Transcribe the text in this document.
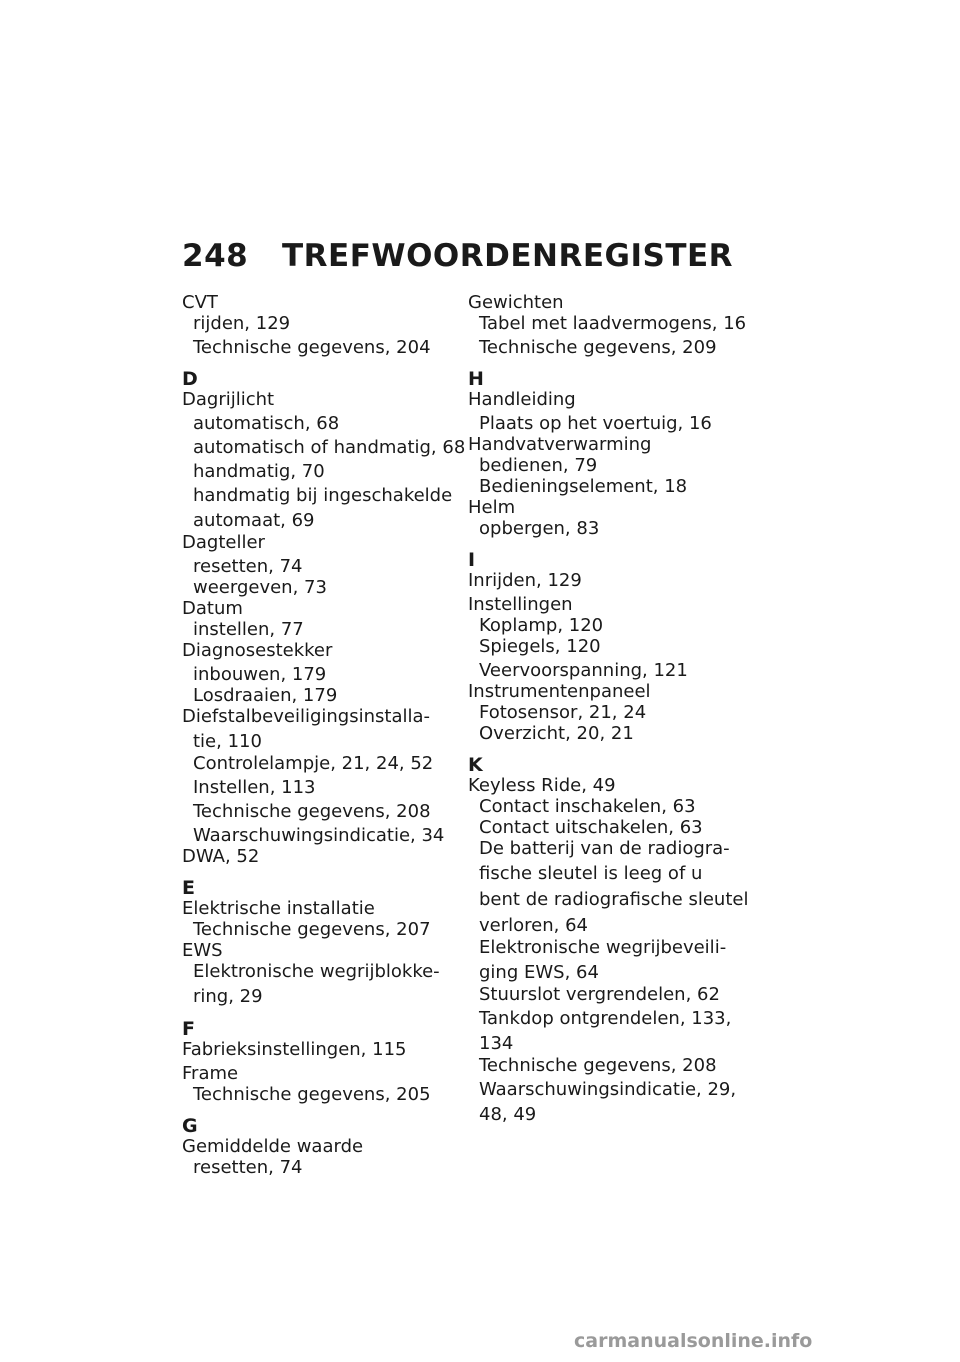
248 TREFWOORDENREGISTER
CVT
rijden, 129
Technische gegevens, 204
D
Dagrijlicht
automatisch, 68
automatisch of handmatig, 68
handmatig, 70
handmatig bij ingeschakelde
automaat, 69
Dagteller
resetten, 74
weergeven, 73
Datum
instellen, 77
Diagnosestekker
inbouwen, 179
Losdraaien, 179
Diefstalbeveiligingsinstalla-
tie, 110
Controlelampje, 21, 24, 52
Instellen, 113
Technische gegevens, 208
Waarschuwingsindicatie, 34
DWA, 52
E
Elektrische installatie
Technische gegevens, 207
EWS
Elektronische wegrijblokke-
ring, 29
F
Fabrieksinstellingen, 115
Frame
Technische gegevens, 205
G
Gemiddelde waarde
resetten, 74
Gewichten
Tabel met laadvermogens, 16
Technische gegevens, 209
H
Handleiding
Plaats op het voertuig, 16
Handvatverwarming
bedienen, 79
Bedieningselement, 18
Helm
opbergen, 83
I
Inrijden, 129
Instellingen
Koplamp, 120
Spiegels, 120
Veervoorspanning, 121
Instrumentenpaneel
Fotosensor, 21, 24
Overzicht, 20, 21
K
Keyless Ride, 49
Contact inschakelen, 63
Contact uitschakelen, 63
De batterij van de radiogra-
fische sleutel is leeg of u
bent de radiografische sleutel
verloren, 64
Elektronische wegrijbeveili-
ging EWS, 64
Stuurslot vergrendelen, 62
Tankdop ontgrendelen, 133,
134
Technische gegevens, 208
Waarschuwingsindicatie, 29,
48, 49
carmanualsonline.info
